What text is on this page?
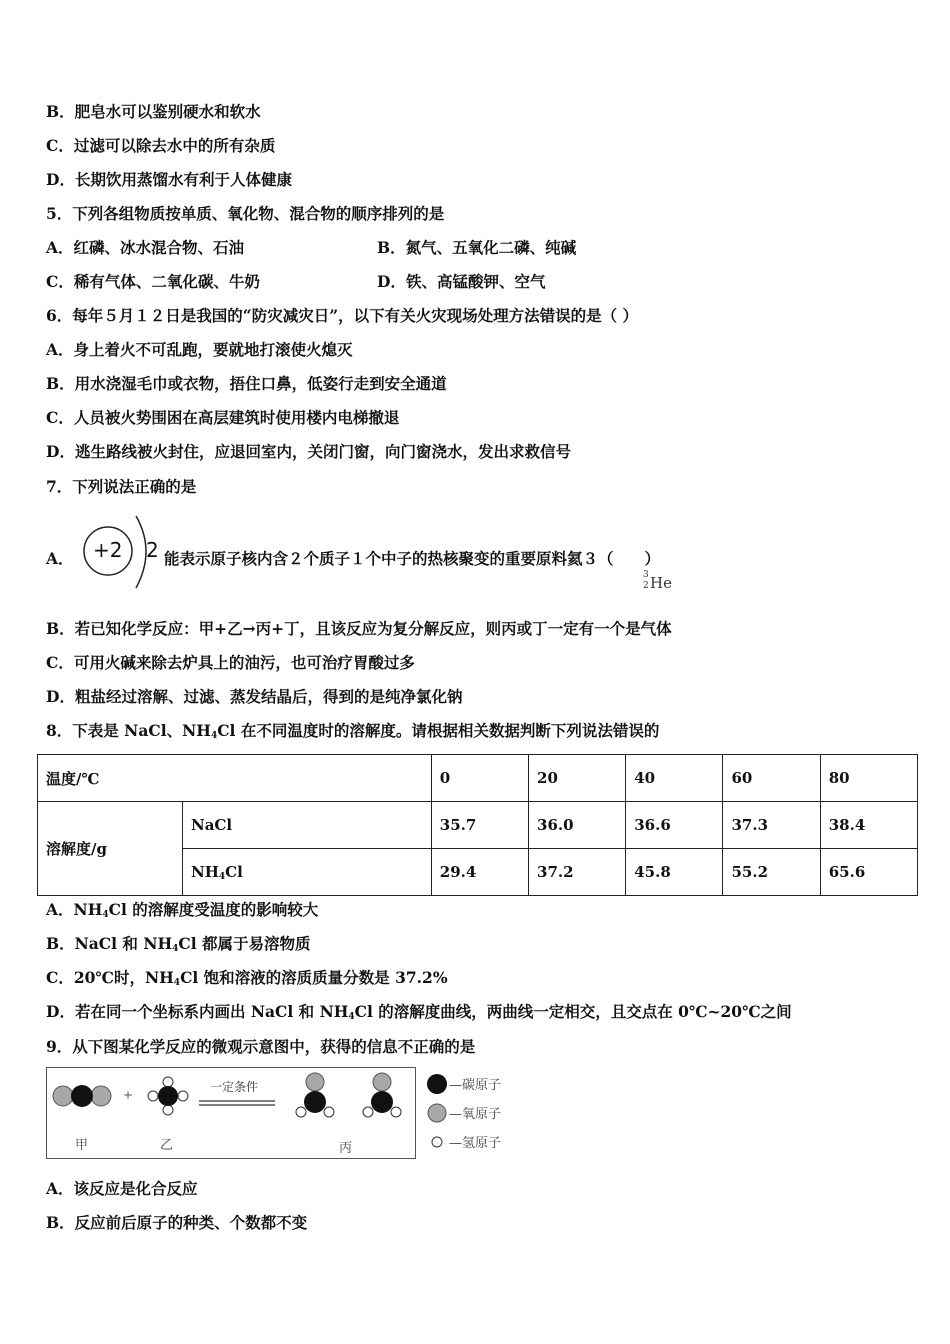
B．肥皂水可以鉴别硬水和软水
C．过滤可以除去水中的所有杂质
D．长期饮用蒸馏水有利于人体健康
5．下列各组物质按单质、氧化物、混合物的顺序排列的是
A．红磷、冰水混合物、石油	B．氮气、五氧化二磷、纯碱
C．稀有气体、二氧化碳、牛奶	D．铁、高锰酸钾、空气
6．每年５月１２日是我国的“防灾减灾日”，以下有关火灾现场处理方法错误的是（ ）
A．身上着火不可乱跑，要就地打滚使火熄灭
B．用水浇湿毛巾或衣物，捂住口鼻，低姿行走到安全通道
C．人员被火势围困在高层建筑时使用楼内电梯撤退
D．逃生路线被火封住，应退回室内，关闭门窗，向门窗浇水，发出求救信号
7．下列说法正确的是
A． +2 2 能表示原子核内含２个质子１个中子的热核聚变的重要原料氦３（　　）
3
2 He
B．若已知化学反应：甲+乙→丙+丁，且该反应为复分解反应，则丙或丁一定有一个是气体
C．可用火碱来除去炉具上的油污，也可治疗胃酸过多
D．粗盐经过溶解、过滤、蒸发结晶后，得到的是纯净氯化钠
8．下表是 NaCl、$NH_4Cl$ 在不同温度时的溶解度。请根据相关数据判断下列说法错误的
温度/℃		0	20	40	60	80
溶解度/g	NaCl	35.7	36.0	36.6	37.3	38.4
	$NH_4Cl$	29.4	37.2	45.8	55.2	65.6
A．$NH_4Cl$ 的溶解度受温度的影响较大
B．NaCl 和 $NH_4Cl$ 都属于易溶物质
C．20℃时，$NH_4Cl$ 饱和溶液的溶质质量分数是 37.2%
D．若在同一个坐标系内画出 NaCl 和 $NH_4Cl$ 的溶解度曲线，两曲线一定相交，且交点在 0℃~20℃之间
9．从下图某化学反应的微观示意图中，获得的信息不正确的是
+
一定条件
甲	乙	丙
—碳原子
—氧原子
—氢原子
A．该反应是化合反应
B．反应前后原子的种类、个数都不变
